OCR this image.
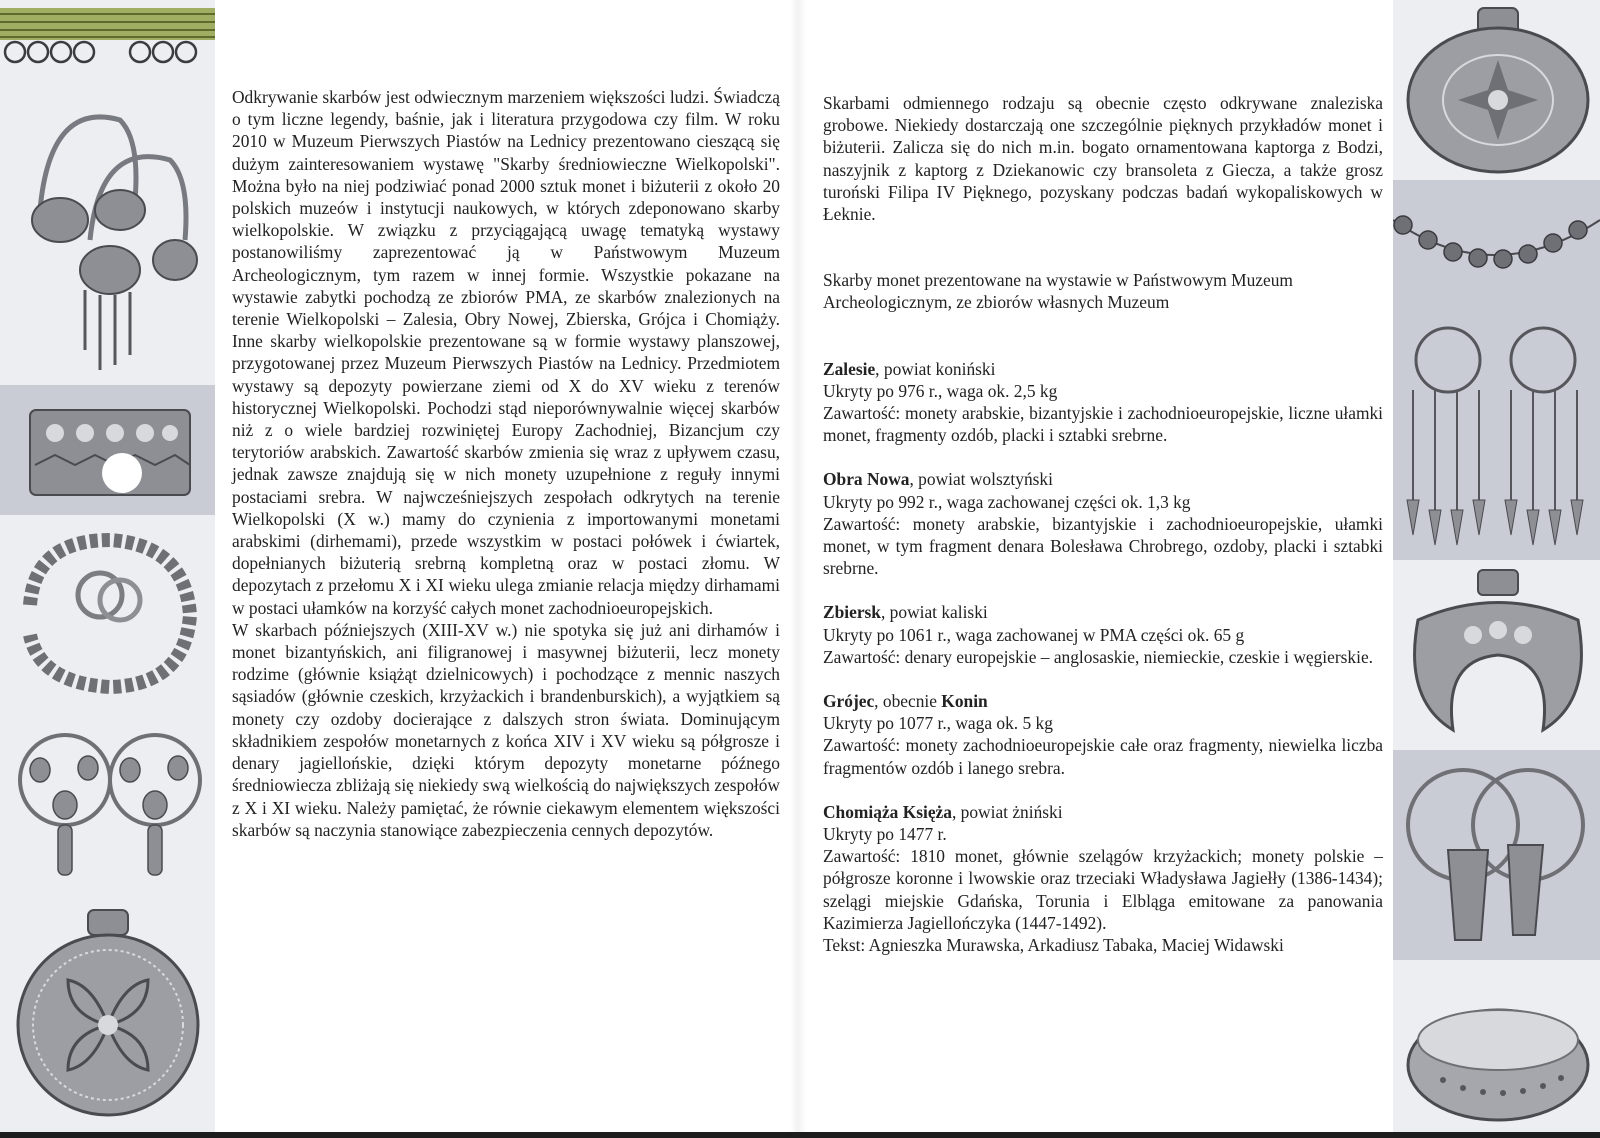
Odkrywanie skarbów jest odwiecznym marzeniem większości ludzi. Świadczą o tym liczne legendy, baśnie, jak i literatura przygodowa czy film. W roku 2010 w Muzeum Pierwszych Piastów na Lednicy prezentowano cieszącą się dużym zainteresowaniem wystawę "Skarby średniowieczne Wielkopolski". Można było na niej podziwiać ponad 2000 sztuk monet i biżuterii z około 20 polskich muzeów i instytucji naukowych, w których zdeponowano skarby wielkopolskie. W związku z przyciągającą uwagę tematyką wystawy postanowiliśmy zaprezentować ją w Państwowym Muzeum Archeologicznym, tym razem w innej formie. Wszystkie pokazane na wystawie zabytki pochodzą ze zbiorów PMA, ze skarbów znalezionych na terenie Wielkopolski – Zalesia, Obry Nowej, Zbierska, Grójca i Chomiąży. Inne skarby wielkopolskie prezentowane są w formie wystawy planszowej, przygotowanej przez Muzeum Pierwszych Piastów na Lednicy. Przedmiotem wystawy są depozyty powierzane ziemi od X do XV wieku z terenów historycznej Wielkopolski. Pochodzi stąd nieporównywalnie więcej skarbów niż z o wiele bardziej rozwiniętej Europy Zachodniej, Bizancjum czy terytoriów arabskich. Zawartość skarbów zmienia się wraz z upływem czasu, jednak zawsze znajdują się w nich monety uzupełnione z reguły innymi postaciami srebra. W najwcześniejszych zespołach odkrytych na terenie Wielkopolski (X w.) mamy do czynienia z importowanymi monetami arabskimi (dirhemami), przede wszystkim w postaci połówek i ćwiartek, dopełnianych biżuterią srebrną kompletną oraz w postaci złomu. W depozytach z przełomu X i XI wieku ulega zmianie relacja między dirhamami w postaci ułamków na korzyść całych monet zachodnioeuropejskich.

W skarbach późniejszych (XIII-XV w.) nie spotyka się już ani dirhamów i monet bizantyńskich, ani filigranowej i masywnej biżuterii, lecz monety rodzime (głównie książąt dzielnicowych) i pochodzące z mennic naszych sąsiadów (głównie czeskich, krzyżackich i brandenburskich), a wyjątkiem są monety czy ozdoby docierające z dalszych stron świata. Dominującym składnikiem zespołów monetarnych z końca XIV i XV wieku są półgrosze i denary jagiellońskie, dzięki którym depozyty monetarne późnego średniowiecza zbliżają się niekiedy swą wielkością do największych zespołów z X i XI wieku. Należy pamiętać, że równie ciekawym elementem większości skarbów są naczynia stanowiące zabezpieczenia cennych depozytów.

Skarbami odmiennego rodzaju są obecnie często odkrywane znaleziska grobowe. Niekiedy dostarczają one szczególnie pięknych przykładów monet i biżuterii. Zalicza się do nich m.in. bogato ornamentowana kaptorga z Bodzi, naszyjnik z kaptorg z Dziekanowic czy bransoleta z Giecza, a także grosz turoński Filipa IV Pięknego, pozyskany podczas badań wykopaliskowych w Łeknie.

Skarby monet prezentowane na wystawie w Państwowym Muzeum Archeologicznym, ze zbiorów własnych Muzeum

Zalesie, powiat koniński

Ukryty po 976 r., waga ok. 2,5 kg

Zawartość: monety arabskie, bizantyjskie i zachodnioeuropejskie, liczne ułamki monet, fragmenty ozdób, placki i sztabki srebrne.

Obra Nowa, powiat wolsztyński

Ukryty po 992 r., waga zachowanej części ok. 1,3 kg

Zawartość: monety arabskie, bizantyjskie i zachodnioeuropejskie, ułamki monet, w tym fragment denara Bolesława Chrobrego, ozdoby, placki i sztabki srebrne.

Zbiersk, powiat kaliski

Ukryty po 1061 r., waga zachowanej w PMA części ok. 65 g

Zawartość: denary europejskie – anglosaskie, niemieckie, czeskie i węgierskie.

Grójec, obecnie Konin

Ukryty po 1077 r., waga ok. 5 kg

Zawartość: monety zachodnioeuropejskie całe oraz fragmenty, niewielka liczba fragmentów ozdób i lanego srebra.

Chomiąża Księża, powiat żniński

Ukryty po 1477 r.

Zawartość: 1810 monet, głównie szelągów krzyżackich; monety polskie – półgrosze koronne i lwowskie oraz trzeciaki Władysława Jagiełły (1386-1434); szelągi miejskie Gdańska, Torunia i Elbląga emitowane za panowania Kazimierza Jagiellończyka (1447-1492).

Tekst: Agnieszka Murawska, Arkadiusz Tabaka, Maciej Widawski
